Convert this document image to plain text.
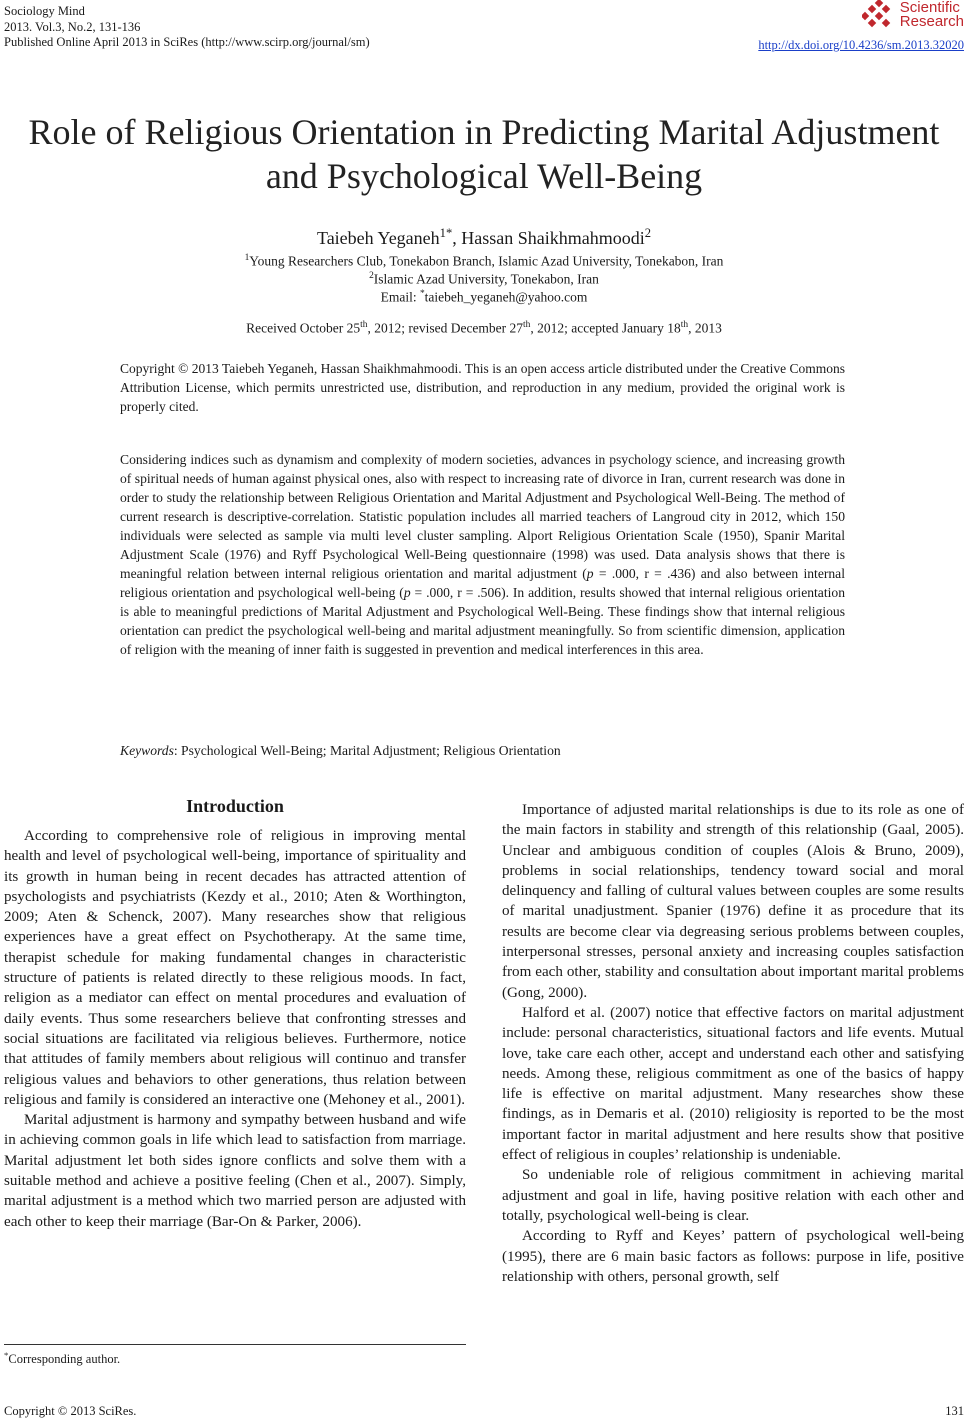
Sociology Mind
2013. Vol.3, No.2, 131-136
Published Online April 2013 in SciRes (http://www.scirp.org/journal/sm)
Scientific
Research
http://dx.doi.org/10.4236/sm.2013.32020
Role of Religious Orientation in Predicting Marital Adjustment
and Psychological Well-Being
Taiebeh Yeganeh$^{1*}$, Hassan Shaikhmahmoodi$^2$
$^1$Young Researchers Club, Tonekabon Branch, Islamic Azad University, Tonekabon, Iran
$^2$Islamic Azad University, Tonekabon, Iran
Email: *taiebeh_yeganeh@yahoo.com
Received October 25th, 2012; revised December 27th, 2012; accepted January 18th, 2013
Copyright © 2013 Taiebeh Yeganeh, Hassan Shaikhmahmoodi. This is an open access article distributed under the Creative Commons Attribution License, which permits unrestricted use, distribution, and reproduction in any medium, provided the original work is properly cited.
Considering indices such as dynamism and complexity of modern societies, advances in psychology science, and increasing growth of spiritual needs of human against physical ones, also with respect to increasing rate of divorce in Iran, current research was done in order to study the relationship between Religious Orientation and Marital Adjustment and Psychological Well-Being. The method of current research is descriptive-correlation. Statistic population includes all married teachers of Langroud city in 2012, which 150 individuals were selected as sample via multi level cluster sampling. Alport Religious Orientation Scale (1950), Spanir Marital Adjustment Scale (1976) and Ryff Psychological Well-Being questionnaire (1998) was used. Data analysis shows that there is meaningful relation between internal religious orientation and marital adjustment (p = .000, r = .436) and also between internal religious orientation and psychological well-being (p = .000, r = .506). In addition, results showed that internal religious orientation is able to meaningful predictions of Marital Adjustment and Psychological Well-Being. These findings show that internal religious orientation can predict the psychological well-being and marital adjustment meaningfully. So from scientific dimension, application of religion with the meaning of inner faith is suggested in prevention and medical interferences in this area.
Keywords: Psychological Well-Being; Marital Adjustment; Religious Orientation
Introduction

According to comprehensive role of religious in improving mental health and level of psychological well-being, importance of spirituality and its growth in human being in recent decades has attracted attention of psychologists and psychiatrists (Kezdy et al., 2010; Aten & Worthington, 2009; Aten & Schenck, 2007). Many researches show that religious experiences have a great effect on Psychotherapy. At the same time, therapist schedule for making fundamental changes in characteristic structure of patients is related directly to these religious moods. In fact, religion as a mediator can effect on mental procedures and evaluation of daily events. Thus some researchers believe that confronting stresses and social situations are facilitated via religious believes. Furthermore, notice that attitudes of family members about religious will continuo and transfer religious values and behaviors to other generations, thus relation between religious and family is considered an interactive one (Mehoney et al., 2001).

Marital adjustment is harmony and sympathy between husband and wife in achieving common goals in life which lead to satisfaction from marriage. Marital adjustment let both sides ignore conflicts and solve them with a suitable method and achieve a positive feeling (Chen et al., 2007). Simply, marital adjustment is a method which two married person are adjusted with each other to keep their marriage (Bar-On & Parker, 2006).

Importance of adjusted marital relationships is due to its role as one of the main factors in stability and strength of this relationship (Gaal, 2005). Unclear and ambiguous condition of couples (Alois & Bruno, 2009), problems in social relationships, tendency toward social and moral delinquency and falling of cultural values between couples are some results of marital unadjustment. Spanier (1976) define it as procedure that its results are become clear via degreasing serious problems between couples, interpersonal stresses, personal anxiety and increasing couples satisfaction from each other, stability and consultation about important marital problems (Gong, 2000).

Halford et al. (2007) notice that effective factors on marital adjustment include: personal characteristics, situational factors and life events. Mutual love, take care each other, accept and understand each other and satisfying needs. Among these, religious commitment as one of the basics of happy life is effective on marital adjustment. Many researches show these findings, as in Demaris et al. (2010) religiosity is reported to be the most important factor in marital adjustment and here results show that positive effect of religious in couples’ relationship is undeniable.

So undeniable role of religious commitment in achieving marital adjustment and goal in life, having positive relation with each other and totally, psychological well-being is clear.

According to Ryff and Keyes’ pattern of psychological well-being (1995), there are 6 main basic factors as follows: purpose in life, positive relationship with others, personal growth, self

*Corresponding author.
Copyright © 2013 SciRes.	131
